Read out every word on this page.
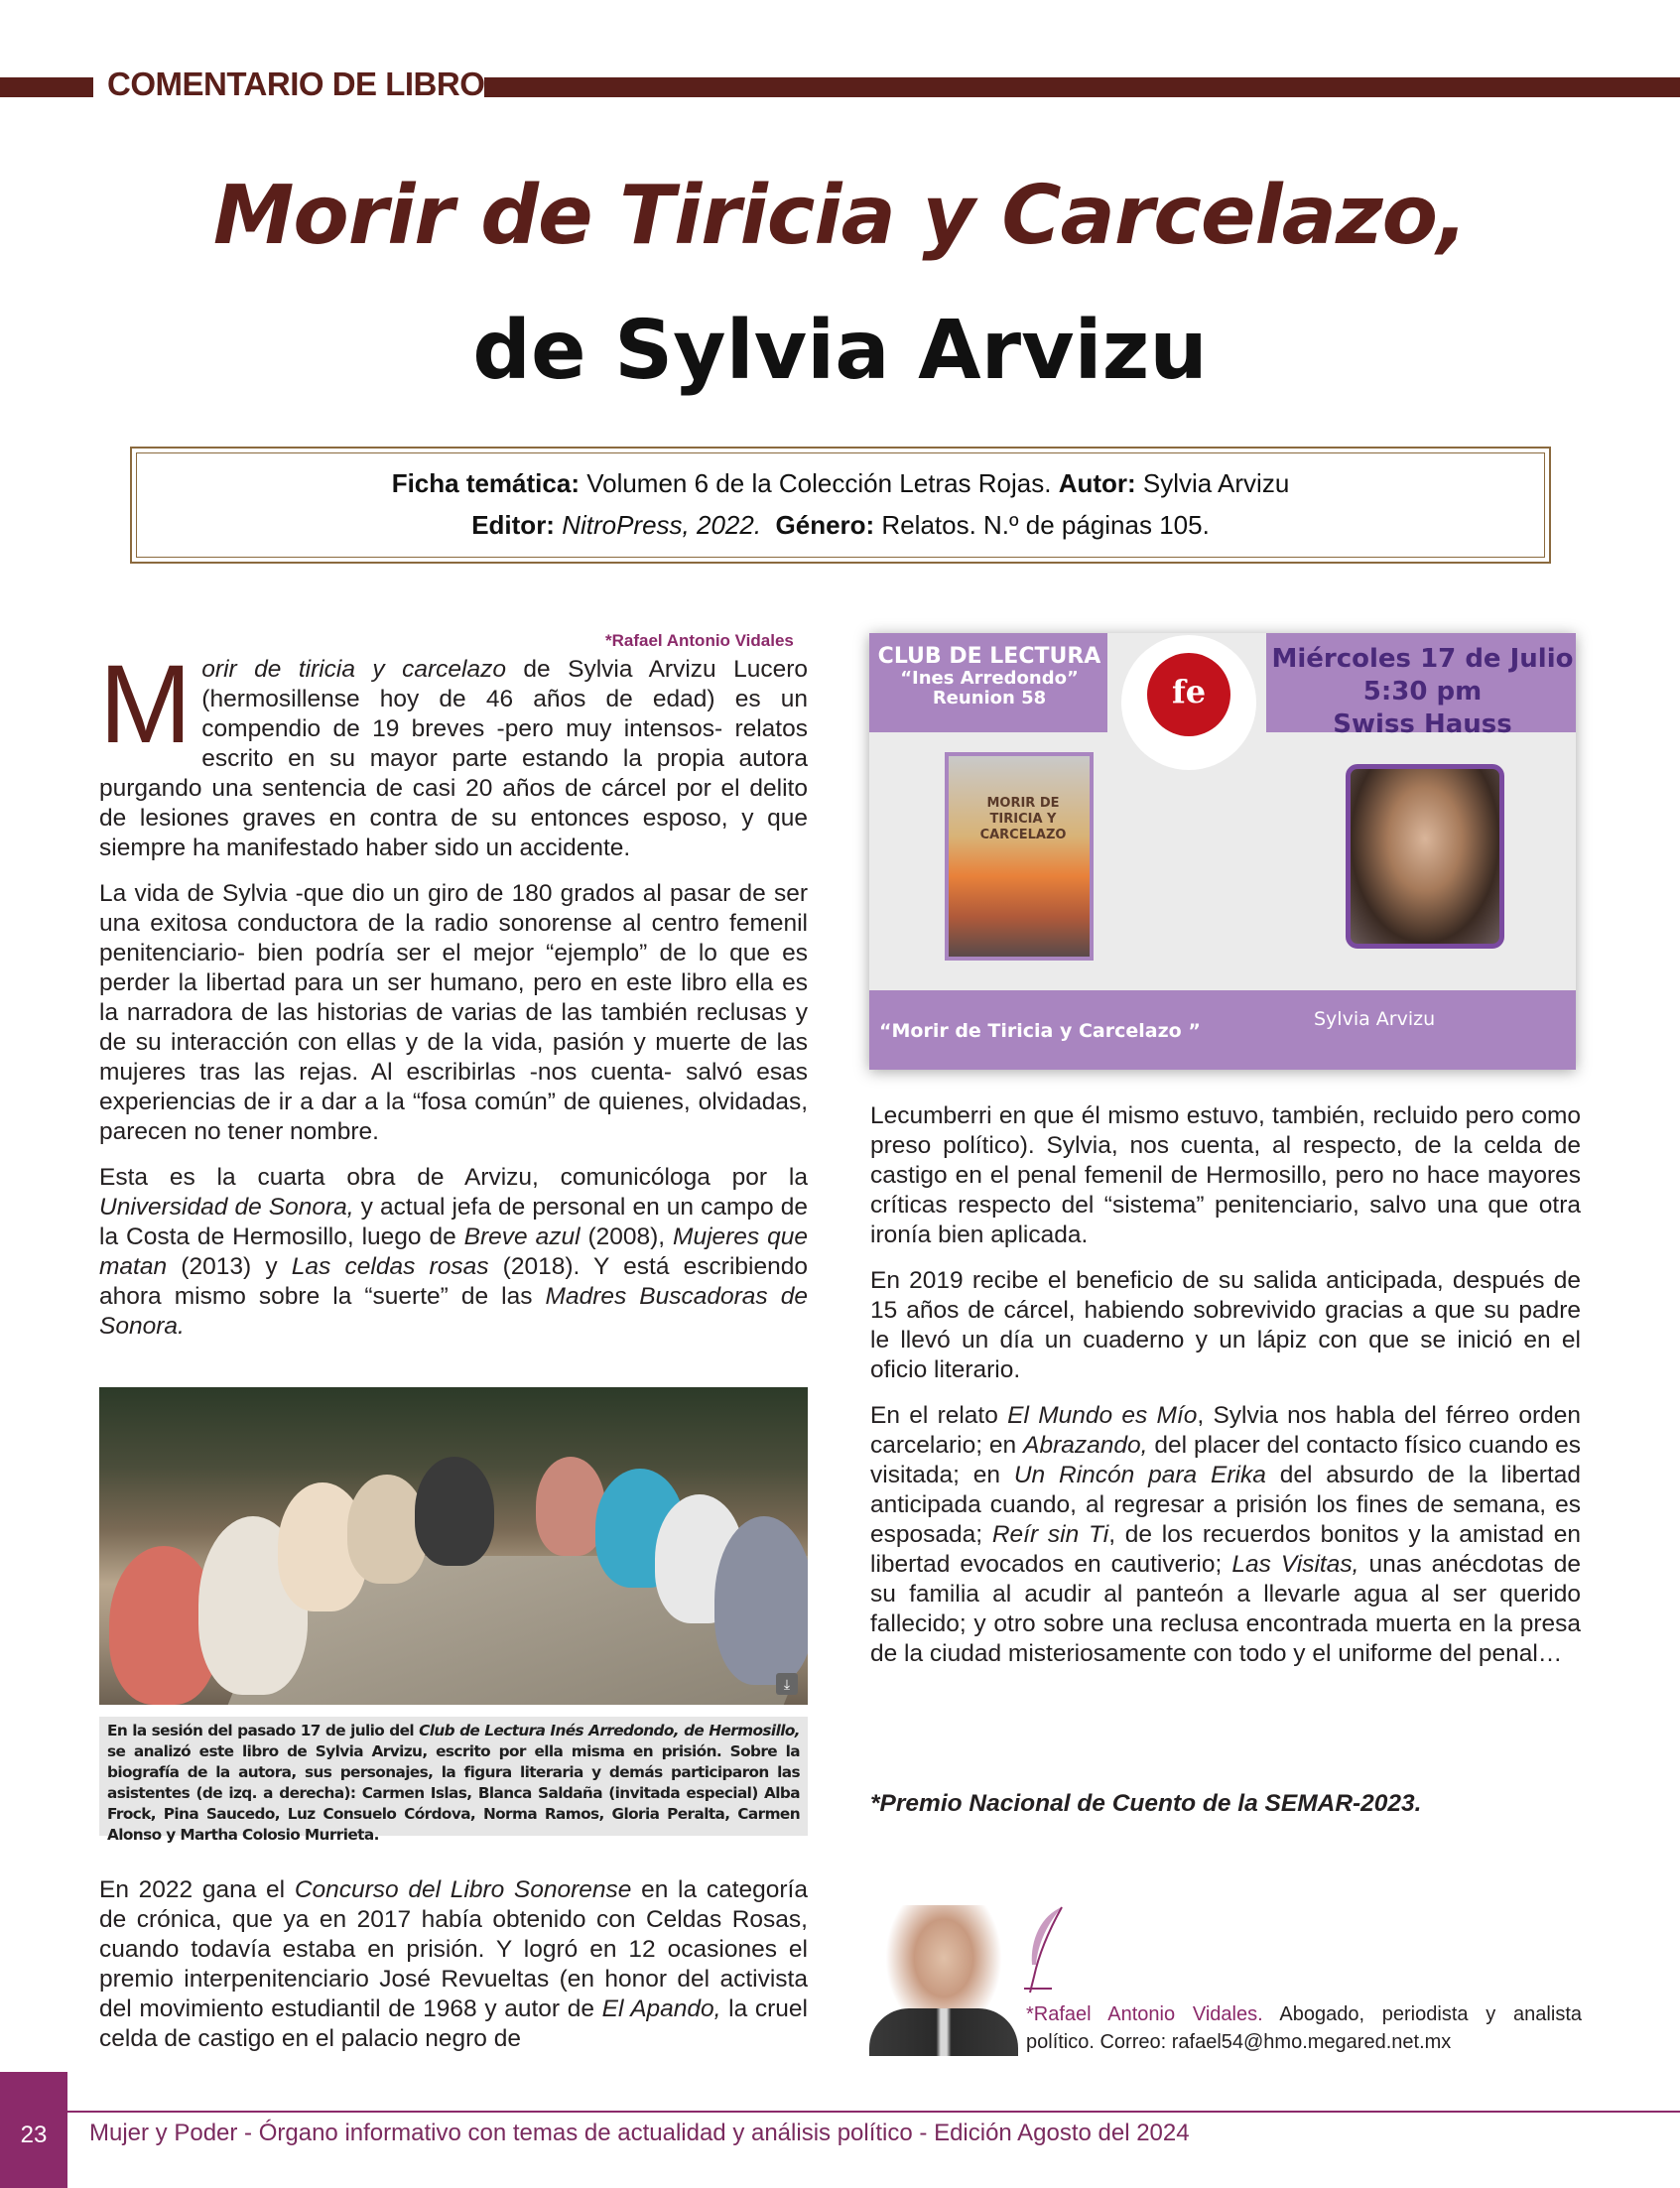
COMENTARIO DE LIBRO
Morir de Tiricia y Carcelazo,
de Sylvia Arvizu
Ficha temática: Volumen 6 de la Colección Letras Rojas. Autor: Sylvia Arvizu
Editor: NitroPress, 2022. Género: Relatos. N.º de páginas 105.
*Rafael Antonio Vidales

Morir de tiricia y carcelazo de Sylvia Arvizu Lucero (hermosillense hoy de 46 años de edad) es un compendio de 19 breves -pero muy intensos- relatos escrito en su mayor parte estando la propia autora purgando una sentencia de casi 20 años de cárcel por el delito de lesiones graves en contra de su entonces esposo, y que siempre ha manifestado haber sido un accidente.

La vida de Sylvia -que dio un giro de 180 grados al pasar de ser una exitosa conductora de la radio sonorense al centro femenil penitenciario- bien podría ser el mejor “ejemplo” de lo que es perder la libertad para un ser humano, pero en este libro ella es la narradora de las historias de varias de las también reclusas y de su interacción con ellas y de la vida, pasión y muerte de las mujeres tras las rejas. Al escribirlas -nos cuenta- salvó esas experiencias de ir a dar a la “fosa común” de quienes, olvidadas, parecen no tener nombre.

Esta es la cuarta obra de Arvizu, comunicóloga por la Universidad de Sonora, y actual jefa de personal en un campo de la Costa de Hermosillo, luego de Breve azul (2008), Mujeres que matan (2013) y Las celdas rosas (2018). Y está escribiendo ahora mismo sobre la “suerte” de las Madres Buscadoras de Sonora.

⤓
En la sesión del pasado 17 de julio del Club de Lectura Inés Arredondo, de Hermosillo, se analizó este libro de Sylvia Arvizu, escrito por ella misma en prisión. Sobre la biografía de la autora, sus personajes, la figura literaria y demás participaron las asistentes (de izq. a derecha): Carmen Islas, Blanca Saldaña (invitada especial) Alba Frock, Pina Saucedo, Luz Consuelo Córdova, Norma Ramos, Gloria Peralta, Carmen Alonso y Martha Colosio Murrieta.

En 2022 gana el Concurso del Libro Sonorense en la categoría de crónica, que ya en 2017 había obtenido con Celdas Rosas, cuando todavía estaba en prisión. Y logró en 12 ocasiones el premio interpenitenciario José Revueltas (en honor del activista del movimiento estudiantil de 1968 y autor de El Apando, la cruel celda de castigo en el palacio negro de

CLUB DE LECTURA
“Ines Arredondo”
Reunion 58	fe
Miércoles 17 de Julio
5:30 pm
Swiss Hauss
MORIR DE TIRICIA Y CARCELAZO
“Morir de Tiricia y Carcelazo ”
Sylvia Arvizu

Lecumberri en que él mismo estuvo, también, recluido pero como preso político). Sylvia, nos cuenta, al respecto, de la celda de castigo en el penal femenil de Hermosillo, pero no hace mayores críticas respecto del “sistema” penitenciario, salvo una que otra ironía bien aplicada.

En 2019 recibe el beneficio de su salida anticipada, después de 15 años de cárcel, habiendo sobrevivido gracias a que su padre le llevó un día un cuaderno y un lápiz con que se inició en el oficio literario.

En el relato El Mundo es Mío, Sylvia nos habla del férreo orden carcelario; en Abrazando, del placer del contacto físico cuando es visitada; en Un Rincón para Erika del absurdo de la libertad anticipada cuando, al regresar a prisión los fines de semana, es esposada; Reír sin Ti, de los recuerdos bonitos y la amistad en libertad evocados en cautiverio; Las Visitas, unas anécdotas de su familia al acudir al panteón a llevarle agua al ser querido fallecido; y otro sobre una reclusa encontrada muerta en la presa de la ciudad misteriosamente con todo y el uniforme del penal…

*Premio Nacional de Cuento de la SEMAR-2023.
*Rafael Antonio Vidales. Abogado, periodista y analista político. Correo: rafael54@hmo.megared.net.mx
23	Mujer y Poder - Órgano informativo con temas de actualidad y análisis político - Edición Agosto del 2024
